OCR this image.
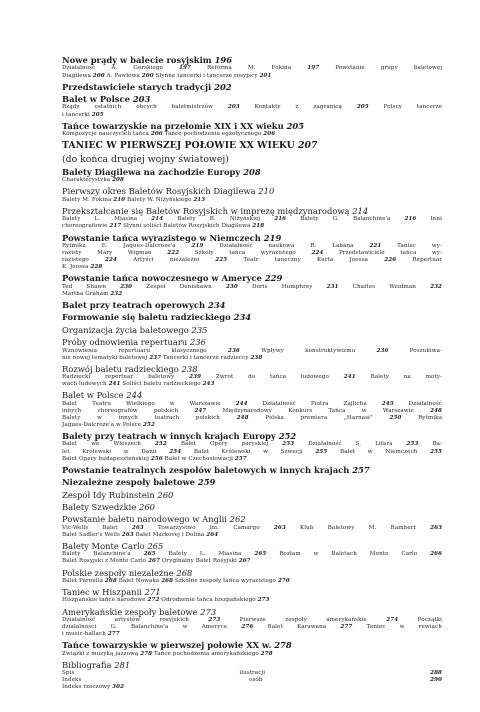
Nowe prądy w balecie rosyjskim 196
Działalność A. Gorskiego	197	Reforma M. Fokina	197	Powstanie grupy baletowej
Diagilewa 200 A. Pawłowa 200 Słynne tancerki i tancerze rosyjscy 201
Przedstawiciele starych tradycji 202
Balet w Polsce 203
Rządy ostatnich obcych baletmistrzów	203	Kontakty z zagranicą	205	Polscy tancerze
i tancerki 205
Tańce towarzyskie na przełomie XIX i XX wieku 205
Kompozycje nauczycieli tańca 206 Tańce pochodzenia egzotycznego 206
TANIEC W PIERWSZEJ POŁOWIE XX WIEKU 207
(do końca drugiej wojny światowej)
Balety Diagilewa na zachodzie Europy 208
Charakterystyka 208
Pierwszy okres Baletów Rosyjskich Diagilewa 210
Balety M. Fokina 210 Balety W. Niżyńskiego 213
Przekształcanie się Baletów Rosyjskich w imprezę międzynarodową 214
Balety L. Miasina	214	Balety B. Niżyńskiej	216	Balety G. Balanchine'a	216	Inni
choreografowie 217 Słynni soliści Baletów Rosyjskich Diagilewa 218
Powstanie tańca wyrazistego w Niemczech 219
Rytmika E. Jaques-Dalcroze'a	219	Działalność naukowa R. Labana	221	Taniec wy-
razisty Mary Wigman	222	Szkoły tańca wyrazistego	224	Przedstawiciele tańca wy-
razistego	224	Artyści niezależni	225	Teatr taneczny Kurta Joossa	226	Repertuar
K. Joossa 228
Powstanie tańca nowoczesnego w Ameryce 229
Ted Shawn	230	Zespół Denishawn	230	Doris Humphrey	231	Charles Weidman	232
Martha Graham 232
Balet przy teatrach operowych 234
Formowanie się baletu radzieckiego 234
Organizacja życia baletowego 235
Próby odnowienia repertuaru 236
Wznowienia repertuaru klasycznego	236	Wpływy konstruktywizmu	236	Poszukiwa-
nie nowej tematyki baletowej 237 Tancerki i tancerze radzieccy 238
Rozwój baletu radzieckiego 238
Radziecki repertuar baletowy	239	Zwrot do tańca ludowego	241	Balety na moty-
wach ludowych 241 Soliści baletu radzieckiego 243
Balet w Polsce 244
Balet Teatru Wielkiego w Warszawie	244	Działalność Piotra Zajlicha	245	Działalność
innych choreografów polskich	247	Międzynarodowy Konkurs Tańca w Warszawie	248
Balety w innych teatrach polskich	248	Polska premiera „Harnasi”	250	Rytmika
Jaques-Dalcroze'a w Polsce 252
Balety przy teatrach w innych krajach Europy 252
Balet we Włoszech	252	Balet Opery paryskiej	253	Działalność S. Lifara	253	Ba-
let Królewski w Danii 254 Balet Królewski w Szwecji 255 Balet w Niemczech 255
Balet Opery budapeszteńskiej 256 Balet w Czechosłowacji 257
Powstanie teatralnych zespołów baletowych w innych krajach 257
Niezależne zespoły baletowe 259
Zespół Idy Rubinstein 260
Balety Szwedzkie 260
Powstanie baletu narodowego w Anglii 262
Vic-Wells Balet	263	Towarzystwo im. Camargo	263	Klub Baletowy M. Rambert	263
Balet Sadler's Wells 263 Balet Markovej i Dolina 264
Balety Monte Carlo 265
Balety Balanchine'a 265 Balety L. Miasina 265 Rozłam w Baletach Monte Carlo 266
Balet Rosyjski z Monte Carlo 267 Oryginalny Balet Rosyjski 267
Polskie zespoły niezależne 268
Balet Parnella 268 Balet Nowaka 268 Szkolne zespoły tańca wyrazistego 270
Taniec w Hiszpanii 271
Hiszpańskie tańce narodowe 272 Odrodzenie tańca hiszpańskiego 273
Amerykańskie zespoły baletowe 273
Działalność artystów rosyjskich	273	Pierwsze zespoły amerykańskie	274	Początki
działalności G. Balanchine'a w Ameryce	276	Balet Karawana	277	Taniec w rewiach
i music-hallach 277
Tańce towarzyskie w pierwszej połowie XX w. 278
Związki z muzyką jazzową 278 Tańce pochodzenia amerykańskiego 278
Bibliografia 281
Spis ilustracji	288
Indeks osób	290
Indeks rzeczowy 302
